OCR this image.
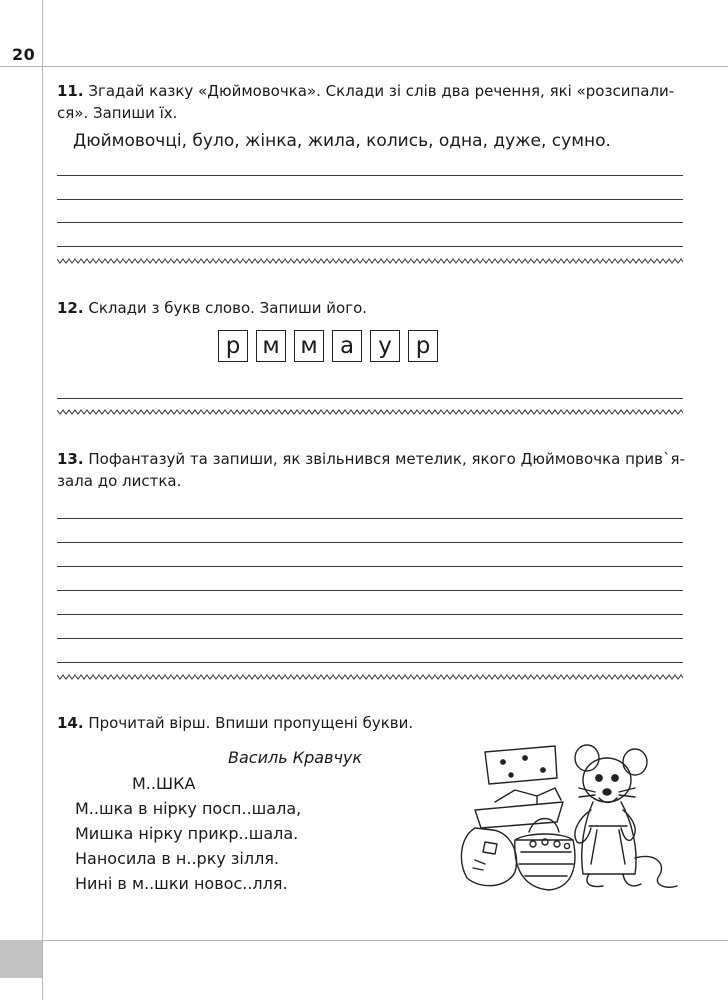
20
11. Згадай казку «Дюймовочка». Склади зі слів два речення, які «розсипали-
ся». Запиши їх.
Дюймовочці, було, жінка, жила, колись, одна, дуже, сумно.
12. Склади з букв слово. Запиши його.
р м м а	у	р
13. Пофантазуй та запиши, як звільнився метелик, якого Дюймовочка прив`я-
зала до листка.
14. Прочитай вірш. Впиши пропущені букви.
Василь Кравчук
М..ШКА
М..шка в нірку посп..шала,
Мишка нірку прикр..шала.
Наносила в н..рку зілля.
Нині в м..шки новос..лля.
